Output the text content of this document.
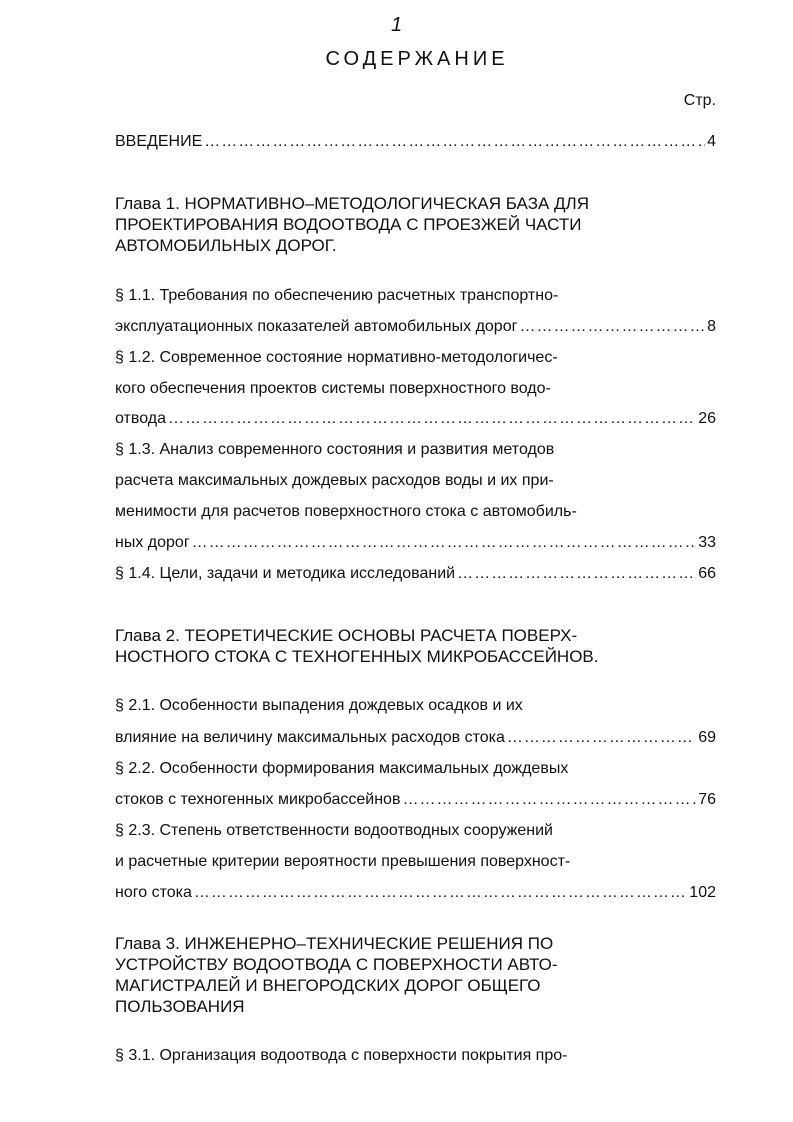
1
СОДЕРЖАНИЕ
Стр.
ВВЕДЕНИЕ …………………………………………………………………………………………………………………………………………………………………………	4
Глава 1. НОРМАТИВНО–МЕТОДОЛОГИЧЕСКАЯ БАЗА ДЛЯ
ПРОЕКТИРОВАНИЯ ВОДООТВОДА С ПРОЕЗЖЕЙ ЧАСТИ
АВТОМОБИЛЬНЫХ ДОРОГ.
§ 1.1. Требования по обеспечению расчетных транспортно-
эксплуатационных показателей автомобильных дорог …………………………………………………………………………………………………………………………………………………………………………	8
§ 1.2. Современное состояние нормативно-методологичес-
кого обеспечения проектов системы поверхностного водо-
отвода …………………………………………………………………………………………………………………………………………………………………………	26
§ 1.3. Анализ современного состояния и развития методов
расчета максимальных дождевых расходов воды и их при-
менимости для расчетов поверхностного стока с автомобиль-
ных дорог …………………………………………………………………………………………………………………………………………………………………………	33
§ 1.4. Цели, задачи и методика исследований …………………………………………………………………………………………………………………………………………………………………………	66
Глава 2. ТЕОРЕТИЧЕСКИЕ ОСНОВЫ РАСЧЕТА ПОВЕРХ-
НОСТНОГО СТОКА С ТЕХНОГЕННЫХ МИКРОБАССЕЙНОВ.
§ 2.1. Особенности выпадения дождевых осадков и их
влияние на величину максимальных расходов стока …………………………………………………………………………………………………………………………………………………………………………	69
§ 2.2. Особенности формирования максимальных дождевых
стоков с техногенных микробассейнов …………………………………………………………………………………………………………………………………………………………………………	76
§ 2.3. Степень ответственности водоотводных сооружений
и расчетные критерии вероятности превышения поверхност-
ного стока …………………………………………………………………………………………………………………………………………………………………………	102
Глава 3. ИНЖЕНЕРНО–ТЕХНИЧЕСКИЕ РЕШЕНИЯ ПО
УСТРОЙСТВУ ВОДООТВОДА С ПОВЕРХНОСТИ АВТО-
МАГИСТРАЛЕЙ И ВНЕГОРОДСКИХ ДОРОГ ОБЩЕГО
ПОЛЬЗОВАНИЯ
§ 3.1. Организация водоотвода с поверхности покрытия про-
